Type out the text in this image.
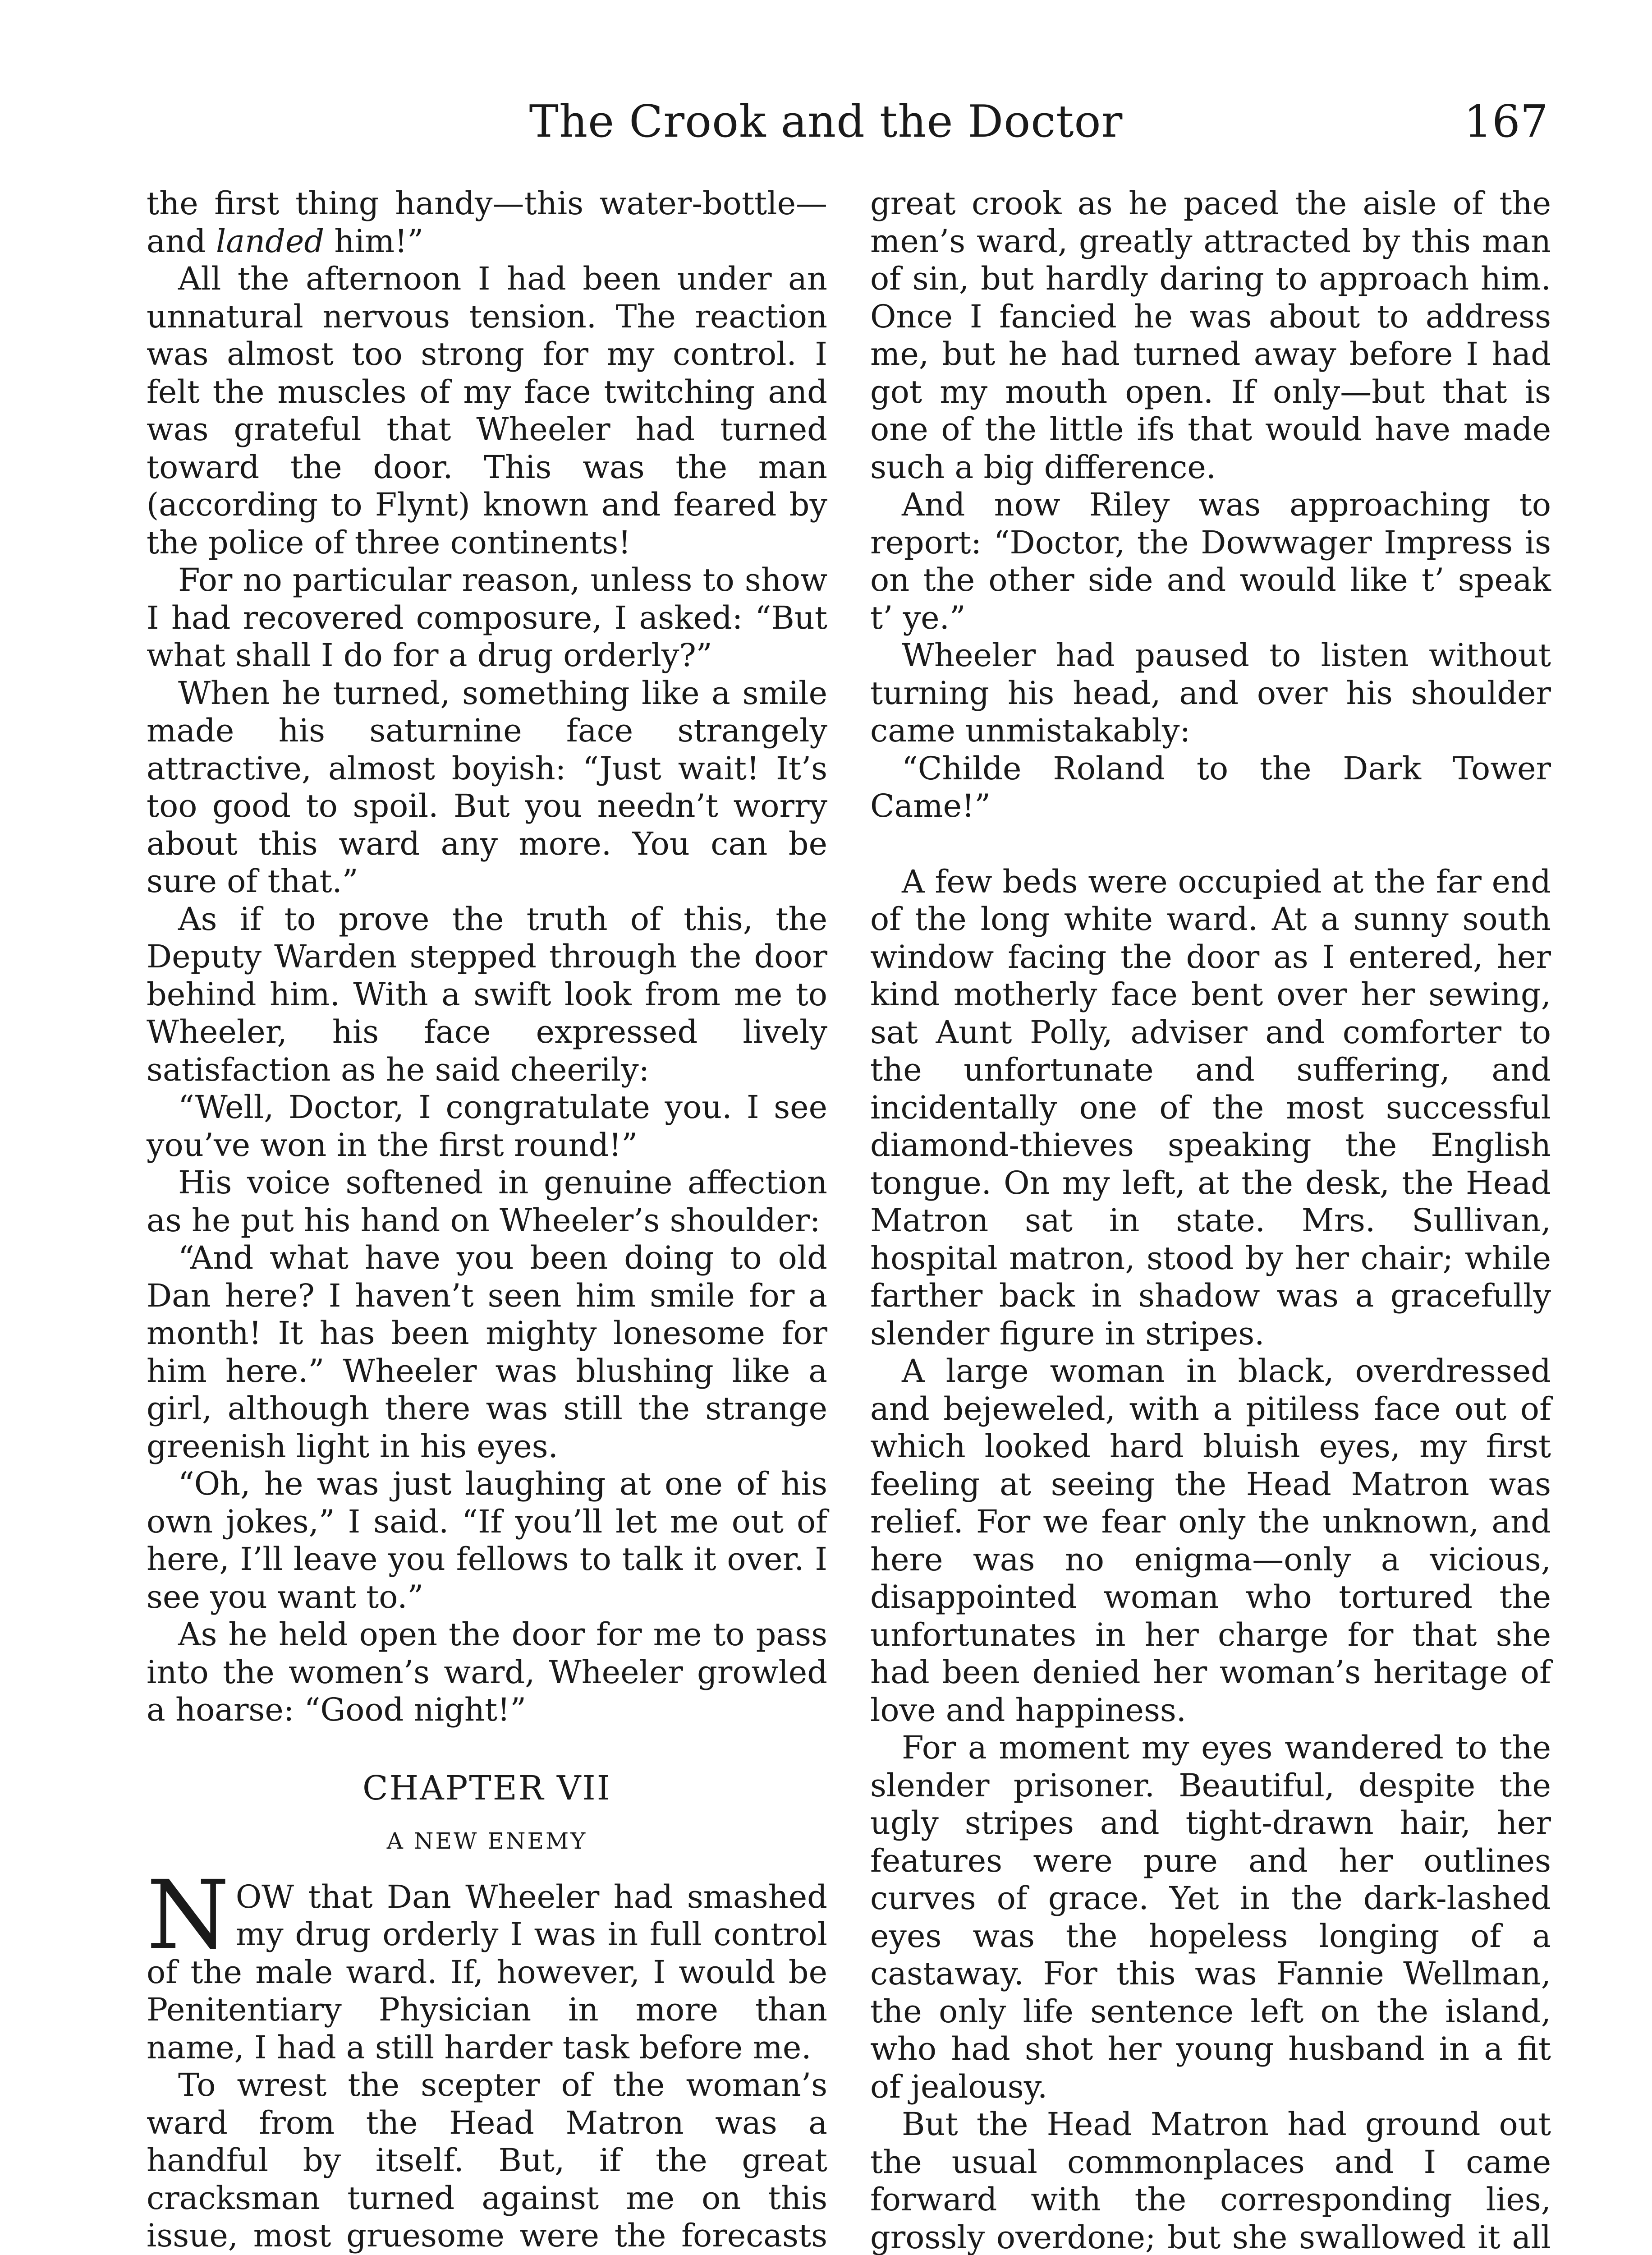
The Crook and the Doctor	167

the first thing handy—this water-bottle—and landed him!”

All the afternoon I had been under an unnatural nervous tension. The reaction was almost too strong for my control. I felt the muscles of my face twitching and was grateful that Wheeler had turned toward the door. This was the man (according to Flynt) known and feared by the police of three continents!

For no particular reason, unless to show I had recovered composure, I asked: “But what shall I do for a drug orderly?”

When he turned, something like a smile made his saturnine face strangely attractive, almost boyish: “Just wait! It’s too good to spoil. But you needn’t worry about this ward any more. You can be sure of that.”

As if to prove the truth of this, the Deputy Warden stepped through the door behind him. With a swift look from me to Wheeler, his face expressed lively satisfaction as he said cheerily:

“Well, Doctor, I congratulate you. I see you’ve won in the first round!”

His voice softened in genuine affection as he put his hand on Wheeler’s shoulder:

“And what have you been doing to old Dan here? I haven’t seen him smile for a month! It has been mighty lonesome for him here.” Wheeler was blushing like a girl, although there was still the strange greenish light in his eyes.

“Oh, he was just laughing at one of his own jokes,” I said. “If you’ll let me out of here, I’ll leave you fellows to talk it over. I see you want to.”

As he held open the door for me to pass into the women’s ward, Wheeler growled a hoarse: “Good night!”

CHAPTER VII
A NEW ENEMY

NOW that Dan Wheeler had smashed my drug orderly I was in full control of the male ward. If, however, I would be Penitentiary Physician in more than name, I had a still harder task before me.

To wrest the scepter of the woman’s ward from the Head Matron was a handful by itself. But, if the great cracksman turned against me on this issue, most gruesome were the forecasts

great crook as he paced the aisle of the men’s ward, greatly attracted by this man of sin, but hardly daring to approach him. Once I fancied he was about to address me, but he had turned away before I had got my mouth open. If only—but that is one of the little ifs that would have made such a big difference.

And now Riley was approaching to report: “Doctor, the Dowwager Impress is on the other side and would like t’ speak t’ ye.”

Wheeler had paused to listen without turning his head, and over his shoulder came unmistakably:

“Childe Roland to the Dark Tower Came!”

A few beds were occupied at the far end of the long white ward. At a sunny south window facing the door as I entered, her kind motherly face bent over her sewing, sat Aunt Polly, adviser and comforter to the unfortunate and suffering, and incidentally one of the most successful diamond-thieves speaking the English tongue. On my left, at the desk, the Head Matron sat in state. Mrs. Sullivan, hospital matron, stood by her chair; while farther back in shadow was a gracefully slender figure in stripes.

A large woman in black, overdressed and bejeweled, with a pitiless face out of which looked hard bluish eyes, my first feeling at seeing the Head Matron was relief. For we fear only the unknown, and here was no enigma—only a vicious, disappointed woman who tortured the unfortunates in her charge for that she had been denied her woman’s heritage of love and happiness.

For a moment my eyes wandered to the slender prisoner. Beautiful, despite the ugly stripes and tight-drawn hair, her features were pure and her outlines curves of grace. Yet in the dark-lashed eyes was the hopeless longing of a castaway. For this was Fannie Wellman, the only life sentence left on the island, who had shot her young husband in a fit of jealousy.

But the Head Matron had ground out the usual commonplaces and I came forward with the corresponding lies, grossly overdone; but she swallowed it all
